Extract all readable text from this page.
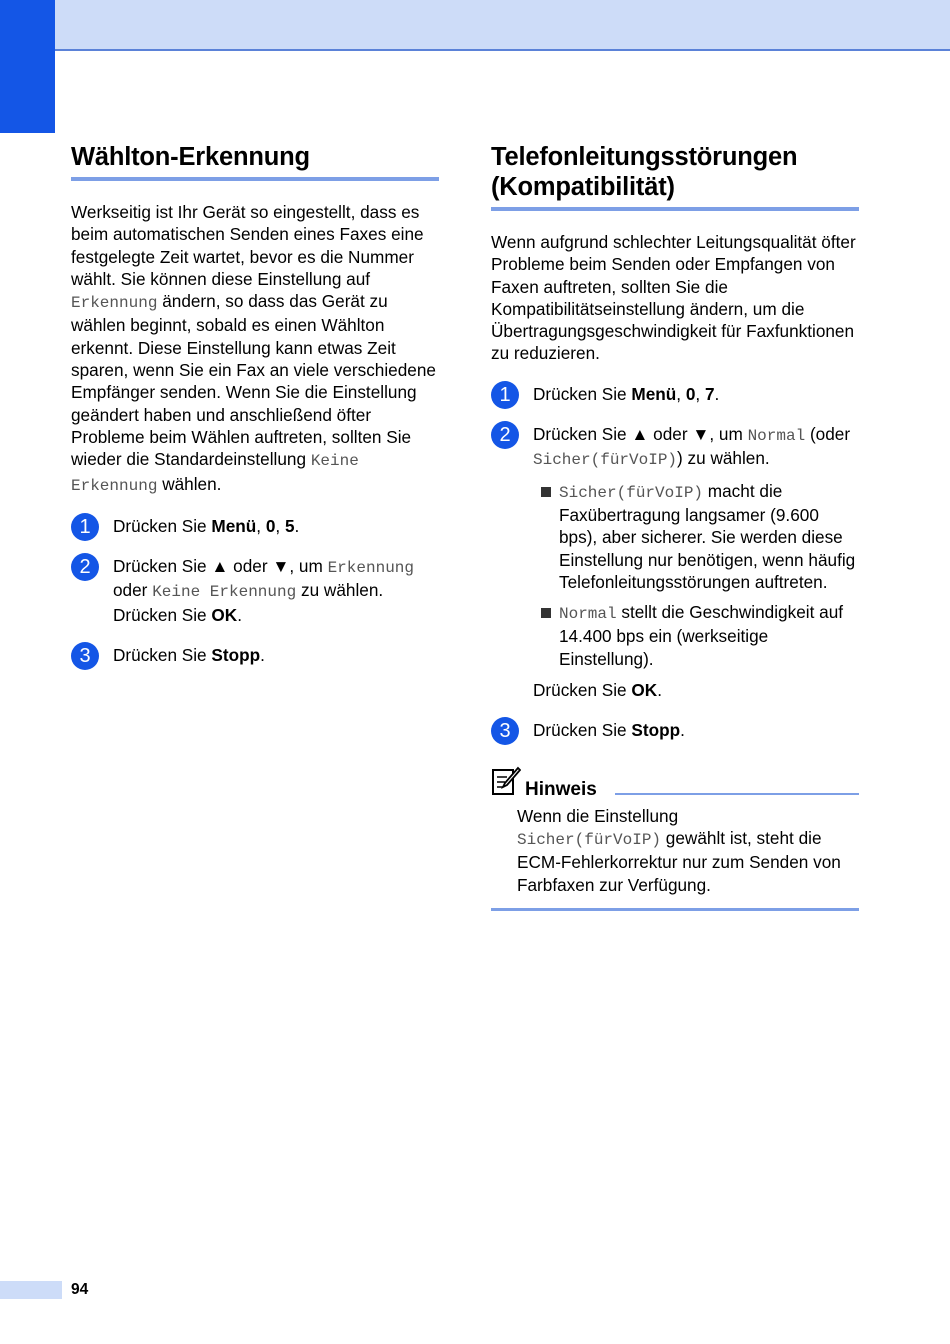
Wählton-Erkennung

Werkseitig ist Ihr Gerät so eingestellt, dass es beim automatischen Senden eines Faxes eine festgelegte Zeit wartet, bevor es die Nummer wählt. Sie können diese Einstellung auf Erkennung ändern, so dass das Gerät zu wählen beginnt, sobald es einen Wählton erkennt. Diese Einstellung kann etwas Zeit sparen, wenn Sie ein Fax an viele verschiedene Empfänger senden. Wenn Sie die Einstellung geändert haben und anschließend öfter Probleme beim Wählen auftreten, sollten Sie wieder die Standardeinstellung Keine Erkennung wählen.

1	Drücken Sie Menü, 0, 5.
2	Drücken Sie ▲ oder ▼, um Erkennung oder Keine Erkennung zu wählen. Drücken Sie OK.
3	Drücken Sie Stopp.
Telefonleitungsstörungen
(Kompatibilität)

Wenn aufgrund schlechter Leitungsqualität öfter Probleme beim Senden oder Empfangen von Faxen auftreten, sollten Sie die Kompatibilitätseinstellung ändern, um die Übertragungsgeschwindigkeit für Faxfunktionen zu reduzieren.

1	Drücken Sie Menü, 0, 7.
2	Drücken Sie ▲ oder ▼, um Normal (oder Sicher(fürVoIP)) zu wählen.
Sicher(fürVoIP) macht die Faxübertragung langsamer (9.600 bps), aber sicherer. Sie werden diese Einstellung nur benötigen, wenn häufig Telefonleitungsstörungen auftreten.
Normal stellt die Geschwindigkeit auf 14.400 bps ein (werkseitige Einstellung).
Drücken Sie OK.
3	Drücken Sie Stopp.
Hinweis
Wenn die Einstellung
Sicher(fürVoIP) gewählt ist, steht die ECM-Fehlerkorrektur nur zum Senden von Farbfaxen zur Verfügung.
94
